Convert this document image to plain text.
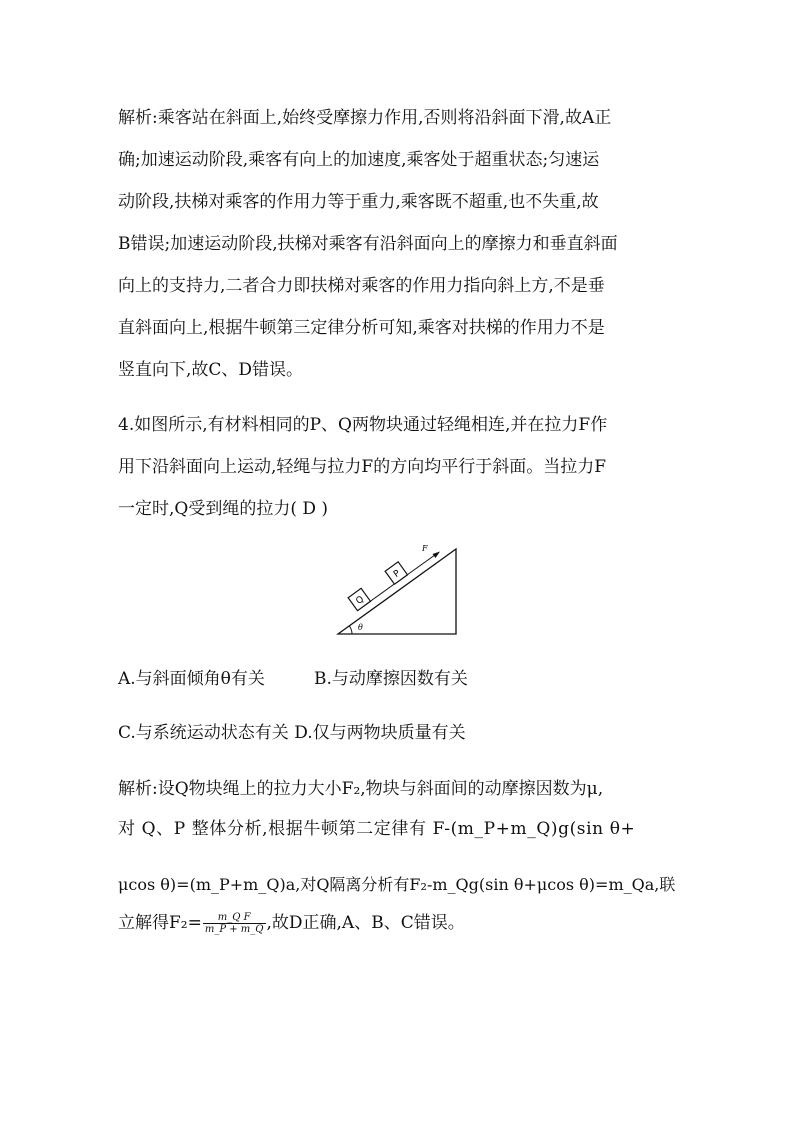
解析:乘客站在斜面上,始终受摩擦力作用,否则将沿斜面下滑,故A正

确;加速运动阶段,乘客有向上的加速度,乘客处于超重状态;匀速运

动阶段,扶梯对乘客的作用力等于重力,乘客既不超重,也不失重,故

B错误;加速运动阶段,扶梯对乘客有沿斜面向上的摩擦力和垂直斜面

向上的支持力,二者合力即扶梯对乘客的作用力指向斜上方,不是垂

直斜面向上,根据牛顿第三定律分析可知,乘客对扶梯的作用力不是

竖直向下,故C、D错误。

4.如图所示,有材料相同的P、Q两物块通过轻绳相连,并在拉力F作

用下沿斜面向上运动,轻绳与拉力F的方向均平行于斜面。当拉力F

一定时,Q受到绳的拉力( D )

θ
Q
P
F
A.与斜面倾角θ有关	B.与动摩擦因数有关
C.与系统运动状态有关 D.仅与两物块质量有关
解析:设Q物块绳上的拉力大小F₂,物块与斜面间的动摩擦因数为μ,
对 Q、P 整体分析,根据牛顿第二定律有 F-(m_P+m_Q)g(sin θ+
μcos θ)=(m_P+m_Q)a,对Q隔离分析有F₂-m_Qg(sin θ+μcos θ)=m_Qa,联
立解得$F_2= \frac{\text{m\_Q F}}{m\_P + m\_Q}$ ,故D正确,A、B、C错误。
